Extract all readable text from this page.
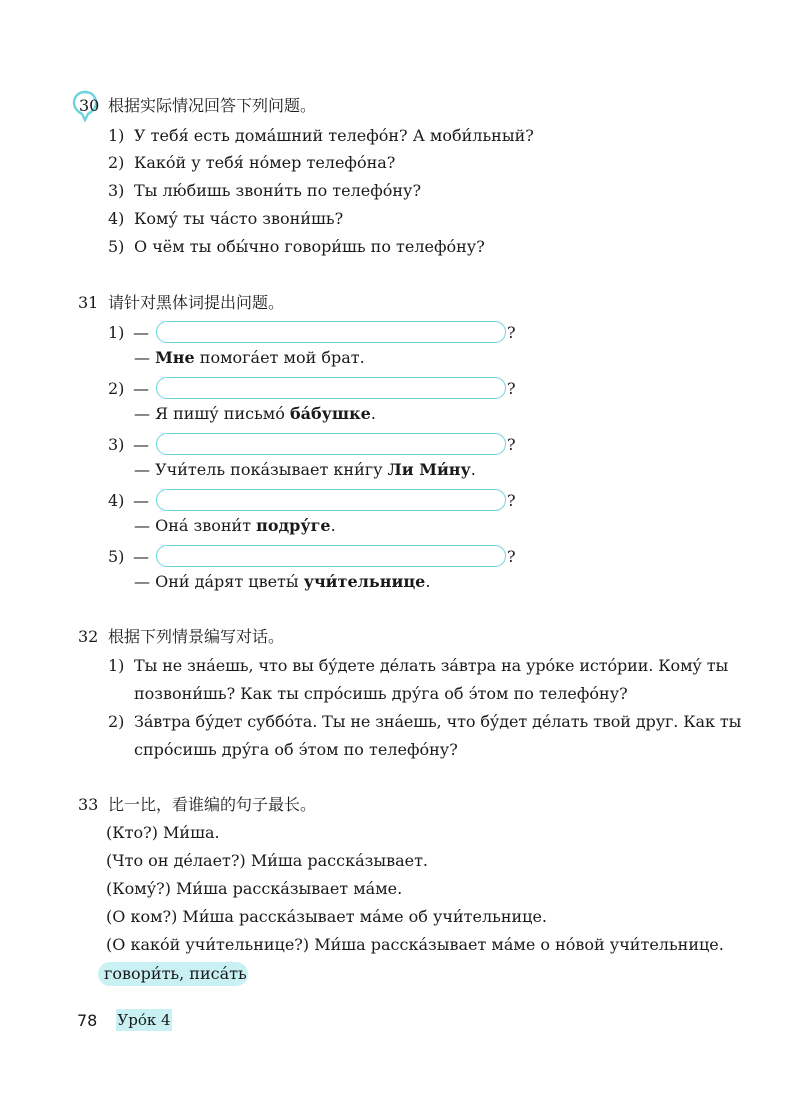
30 根据实际情况回答下列问题。
1) У тебя́ есть дома́шний телефо́н? А моби́льный?
2) Како́й у тебя́ но́мер телефо́на?
3) Ты лю́бишь звони́ть по телефо́ну?
4) Кому́ ты ча́сто звони́шь?
5) О чём ты обы́чно говори́шь по телефо́ну?
31 请针对黑体词提出问题。
1) —	?
— Мне помога́ет мой брат.
2) —	?
— Я пишу́ письмо́ ба́бушке.
3) —	?
— Учи́тель пока́зывает кни́гу Ли Ми́ну.
4) —	?
— Она́ звони́т подру́ге.
5) —	?
— Они́ да́рят цветы́ учи́тельнице.
32 根据下列情景编写对话。
1) Ты не зна́ешь, что вы бу́дете де́лать за́втра на уро́ке исто́рии. Кому́ ты
позвони́шь? Как ты спро́сишь дру́га об э́том по телефо́ну?
2) За́втра бу́дет суббо́та. Ты не зна́ешь, что бу́дет де́лать твой друг. Как ты
спро́сишь дру́га об э́том по телефо́ну?
33 比一比，看谁编的句子最长。
(Кто?) Ми́ша.
(Что он де́лает?) Ми́ша расска́зывает.
(Кому́?) Ми́ша расска́зывает ма́ме.
(О ком?) Ми́ша расска́зывает ма́ме об учи́тельнице.
(О како́й учи́тельнице?) Ми́ша расска́зывает ма́ме о но́вой учи́тельнице.
говори́ть, писа́ть
78 Уро́к 4
